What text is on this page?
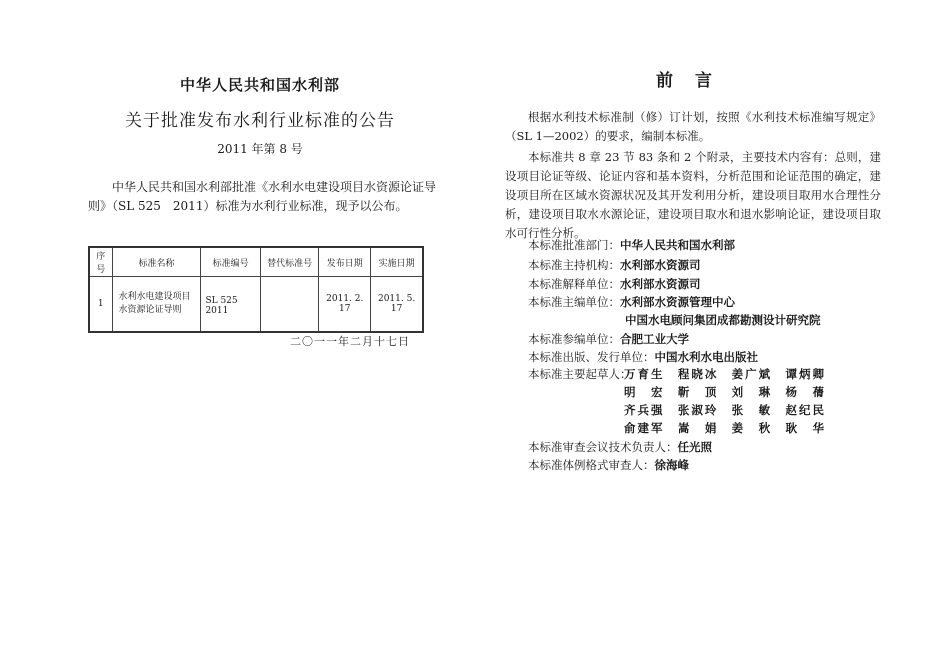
中华人民共和国水利部
关于批准发布水利行业标准的公告
2011 年第 8 号
中华人民共和国水利部批准《水利水电建设项目水资源论证导则》（SL 525　2011）标准为水利行业标准，现予以公布。
序号	标准名称	标准编号	替代标准号	发布日期	实施日期
1	水利水电建设项目水资源论证导则	SL 525　2011		2011. 2. 17	2011. 5. 17
二〇一一年二月十七日
前言
根据水利技术标准制（修）订计划，按照《水利技术标准编写规定》（SL 1—2002）的要求，编制本标准。
本标准共 8 章 23 节 83 条和 2 个附录，主要技术内容有：总则，建设项目论证等级、论证内容和基本资料，分析范围和论证范围的确定，建设项目所在区域水资源状况及其开发利用分析，建设项目取用水合理性分析，建设项目取水水源论证，建设项目取水和退水影响论证，建设项目取水可行性分析。
本标准批准部门：中华人民共和国水利部
本标准主持机构：水利部水资源司
本标准解释单位：水利部水资源司
本标准主编单位：水利部水资源管理中心
中国水电顾问集团成都勘测设计研究院
本标准参编单位：合肥工业大学
本标准出版、发行单位：中国水利水电出版社
本标准主要起草人：
万育生 程晓冰 姜广斌 谭炳卿
明　宏 靳　顶 刘　琳 杨　蒨
齐兵强 张淑玲 张　敏 赵纪民
俞建军 嵩　娟 姜　秋 耿　华
本标准审查会议技术负责人：任光照
本标准体例格式审查人：徐海峰
